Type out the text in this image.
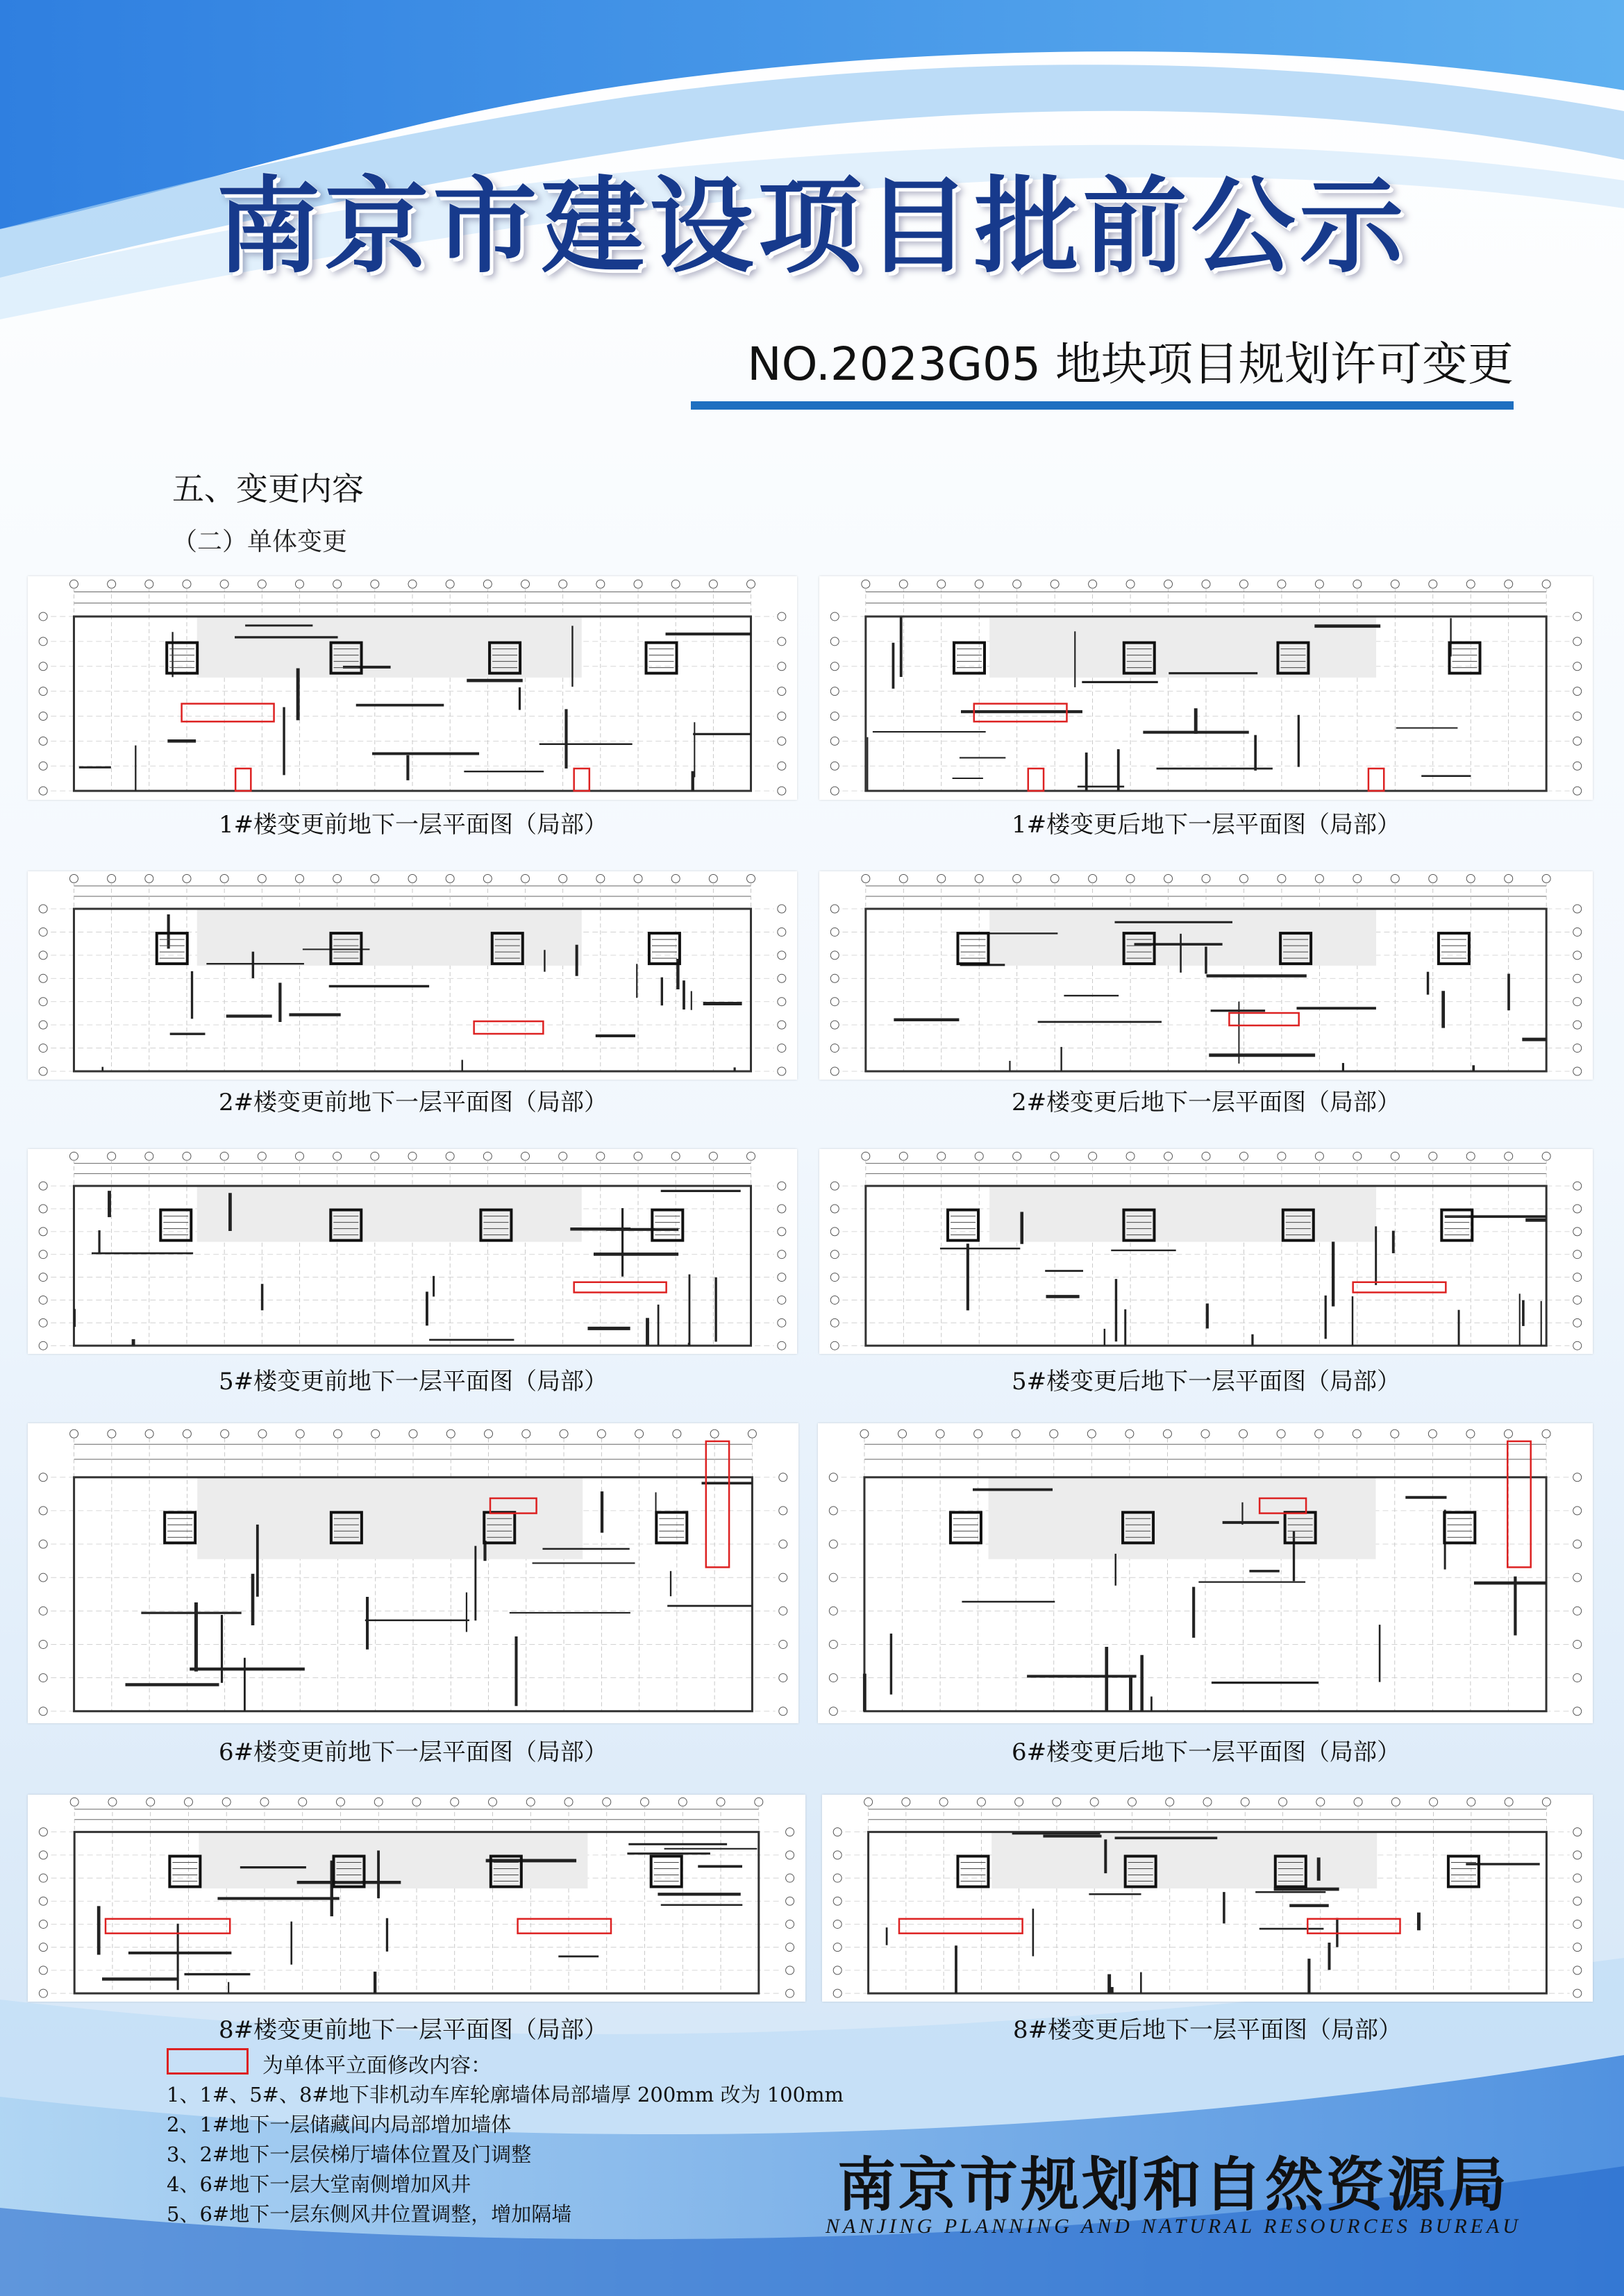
南京市建设项目批前公示
NO.2023G05 地块项目规划许可变更
五、变更内容
（二）单体变更
1#楼变更前地下一层平面图（局部）	1#楼变更后地下一层平面图（局部）
2#楼变更前地下一层平面图（局部）	2#楼变更后地下一层平面图（局部）
5#楼变更前地下一层平面图（局部）	5#楼变更后地下一层平面图（局部）
6#楼变更前地下一层平面图（局部）	6#楼变更后地下一层平面图（局部）
8#楼变更前地下一层平面图（局部）	8#楼变更后地下一层平面图（局部）
为单体平立面修改内容：
1、1#、5#、8#地下非机动车库轮廓墙体局部墙厚 200mm 改为 100mm
2、1#地下一层储藏间内局部增加墙体
3、2#地下一层侯梯厅墙体位置及门调整
4、6#地下一层大堂南侧增加风井
5、6#地下一层东侧风井位置调整，增加隔墙	南京市规划和自然资源局
NANJING PLANNING AND NATURAL RESOURCES BUREAU
